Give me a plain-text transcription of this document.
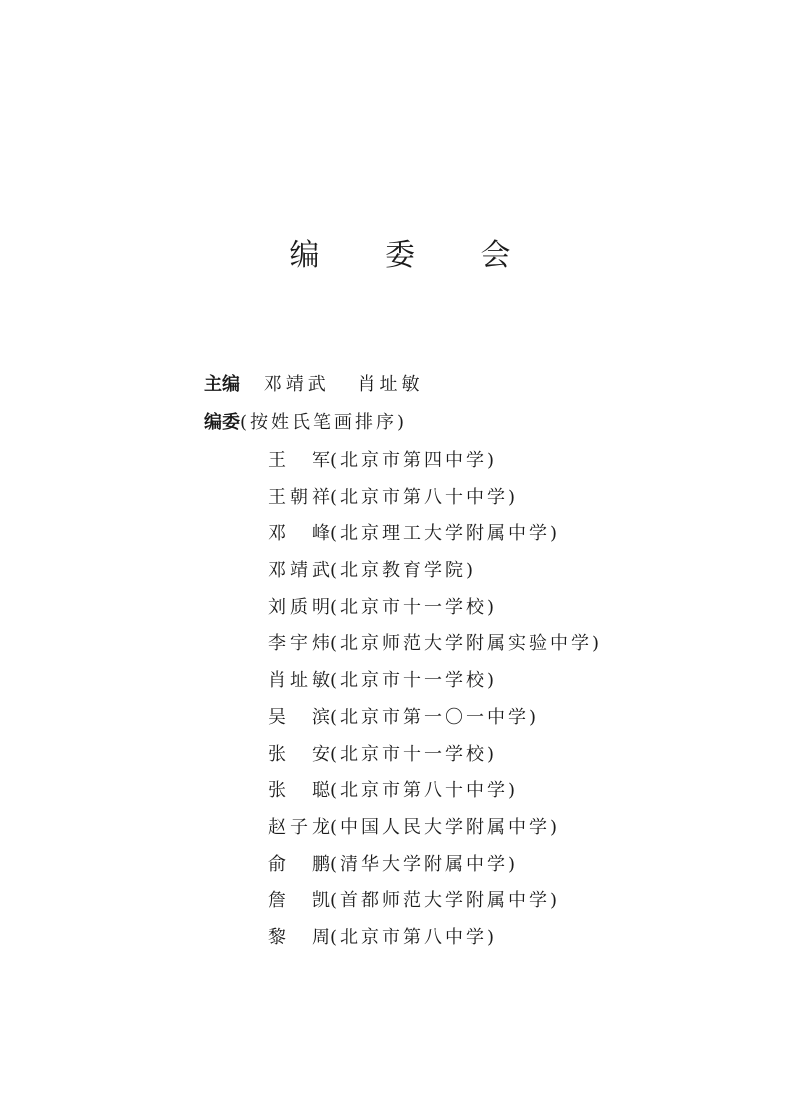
编 委 会
主编 邓靖武 肖址敏
编委(按姓氏笔画排序)
王 军(北京市第四中学)
王朝祥(北京市第八十中学)
邓 峰(北京理工大学附属中学)
邓靖武(北京教育学院)
刘质明(北京市十一学校)
李宇炜(北京师范大学附属实验中学)
肖址敏(北京市十一学校)
吴 滨(北京市第一〇一中学)
张 安(北京市十一学校)
张 聪(北京市第八十中学)
赵子龙(中国人民大学附属中学)
俞 鹏(清华大学附属中学)
詹 凯(首都师范大学附属中学)
黎 周(北京市第八中学)
